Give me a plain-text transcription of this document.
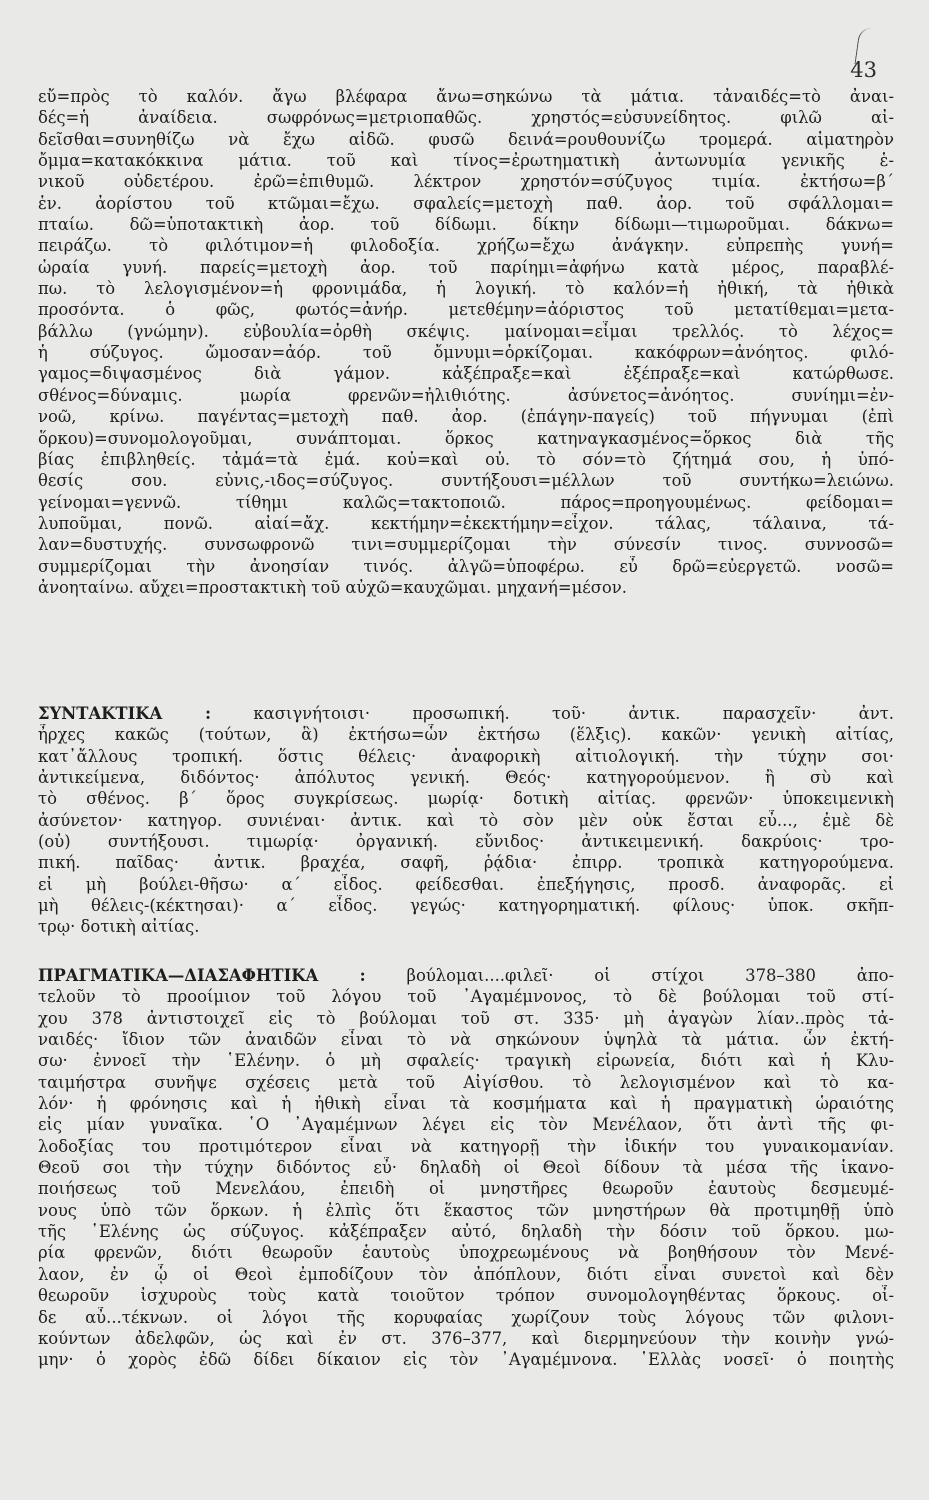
43
εὔ=πρὸς τὸ καλόν. ἄγω βλέφαρα ἄνω=σηκώνω τὰ μάτια. τἀναιδές=τὸ ἀναι-
δές=ἡ ἀναίδεια. σωφρόνως=μετριοπαθῶς. χρηστός=εὐσυνείδητος. φιλῶ αἰ-
δεῖσθαι=συνηθίζω νὰ ἔχω αἰδῶ. φυσῶ δεινά=ρουθουνίζω τρομερά. αἱματηρὸν
ὄμμα=κατακόκκινα μάτια. τοῦ καὶ τίνος=ἐρωτηματικὴ ἀντωνυμία γενικῆς ἑ-
νικοῦ οὐδετέρου. ἐρῶ=ἐπιθυμῶ. λέκτρον χρηστόν=σύζυγος τιμία. ἐκτήσω=β´
ἑν. ἀορίστου τοῦ κτῶμαι=ἔχω. σφαλείς=μετοχὴ παθ. ἀορ. τοῦ σφάλλομαι=
πταίω. δῶ=ὑποτακτικὴ ἀορ. τοῦ δίδωμι. δίκην δίδωμι—τιμωροῦμαι. δάκνω=
πειράζω. τὸ φιλότιμον=ἡ φιλοδοξία. χρήζω=ἔχω ἀνάγκην. εὐπρεπὴς γυνή=
ὡραία γυνή. παρείς=μετοχὴ ἀορ. τοῦ παρίημι=ἀφήνω κατὰ μέρος, παραβλέ-
πω. τὸ λελογισμένον=ἡ φρονιμάδα, ἡ λογική. τὸ καλόν=ἡ ἠθική, τὰ ἠθικὰ
προσόντα. ὁ φῶς, φωτός=ἀνήρ. μετεθέμην=ἀόριστος τοῦ μετατίθεμαι=μετα-
βάλλω (γνώμην). εὐβουλία=ὀρθὴ σκέψις. μαίνομαι=εἶμαι τρελλός. τὸ λέχος=
ἡ σύζυγος. ὤμοσαν=ἀόρ. τοῦ ὄμνυμι=ὁρκίζομαι. κακόφρων=ἀνόητος. φιλό-
γαμος=διψασμένος διὰ γάμον. κἀξέπραξε=καὶ ἐξέπραξε=καὶ κατώρθωσε.
σθένος=δύναμις. μωρία φρενῶν=ἠλιθιότης. ἀσύνετος=ἀνόητος. συνίημι=ἐν-
νοῶ, κρίνω. παγέντας=μετοχὴ παθ. ἀορ. (ἐπάγην-παγείς) τοῦ πήγνυμαι (ἐπὶ
ὅρκου)=συνομολογοῦμαι, συνάπτομαι. ὅρκος κατηναγκασμένος=ὅρκος διὰ τῆς
βίας ἐπιβληθείς. τἀμά=τὰ ἐμά. κοὐ=καὶ οὐ. τὸ σόν=τὸ ζήτημά σου, ἡ ὑπό-
θεσίς σου. εὐνις,-ιδος=σύζυγος. συντήξουσι=μέλλων τοῦ συντήκω=λειώνω.
γείνομαι=γεννῶ. τίθημι καλῶς=τακτοποιῶ. πάρος=προηγουμένως. φείδομαι=
λυποῦμαι, πονῶ. αἰαί=ἄχ. κεκτήμην=ἐκεκτήμην=εἶχον. τάλας, τάλαινα, τά-
λαν=δυστυχής. συνσωφρονῶ τινι=συμμερίζομαι τὴν σύνεσίν τινος. συννοσῶ=
συμμερίζομαι τὴν ἀνοησίαν τινός. ἀλγῶ=ὑποφέρω. εὖ δρῶ=εὐεργετῶ. νοσῶ=
ἀνοηταίνω. αὔχει=προστακτικὴ τοῦ αὐχῶ=καυχῶμαι. μηχανή=μέσον.
ΣΥΝΤΑΚΤΙΚΑ :	κασιγνήτοισι· προσωπική. τοῦ· ἀντικ. παρασχεῖν· ἀντ.
ἦρχες κακῶς (τούτων, ἃ) ἐκτήσω=ὧν ἐκτήσω (ἕλξις). κακῶν· γενικὴ αἰτίας,
κατ᾽ἄλλους τροπική. ὅστις θέλεις· ἀναφορικὴ αἰτιολογική. τὴν τύχην σοι·
ἀντικείμενα, διδόντος· ἀπόλυτος γενική. Θεός· κατηγορούμενον. ἢ σὺ καὶ
τὸ σθένος. β´ ὅρος συγκρίσεως. μωρίᾳ· δοτικὴ αἰτίας. φρενῶν· ὑποκειμενικὴ
ἀσύνετον· κατηγορ. συνιέναι· ἀντικ. καὶ τὸ σὸν μὲν οὐκ ἔσται εὖ..., ἐμὲ δὲ
(οὐ) συντήξουσι. τιμωρίᾳ· ὀργανική. εὔνιδος· ἀντικειμενική. δακρύοις· τρο-
πική. παῖδας· ἀντικ. βραχέα, σαφῆ, ῥᾴδια· ἐπιρρ. τροπικὰ κατηγορούμενα.
εἰ μὴ βούλει-θῆσω· α´ εἶδος. φείδεσθαι. ἐπεξήγησις, προσδ. ἀναφορᾶς. εἰ
μὴ θέλεις-(κέκτησαι)· α´ εἶδος. γεγώς· κατηγορηματική. φίλους· ὑποκ. σκῆπ-
τρῳ· δοτικὴ αἰτίας.
ΠΡΑΓΜΑΤΙΚΑ—ΔΙΑΣΑΦΗΤΙΚΑ : βούλομαι....φιλεῖ· οἱ στίχοι 378–380 ἀπο-
τελοῦν τὸ προοίμιον τοῦ λόγου τοῦ ᾽Αγαμέμνονος, τὸ δὲ βούλομαι τοῦ στί-
χου 378 ἀντιστοιχεῖ εἰς τὸ βούλομαι τοῦ στ. 335· μὴ ἀγαγὼν λίαν..πρὸς τἀ-
ναιδές· ἴδιον τῶν ἀναιδῶν εἶναι τὸ νὰ σηκώνουν ὑψηλὰ τὰ μάτια. ὧν ἐκτή-
σω· ἐννοεῖ τὴν ῾Ελένην. ὁ μὴ σφαλείς· τραγικὴ εἰρωνεία, διότι καὶ ἡ Κλυ-
ταιμήστρα συνῆψε σχέσεις μετὰ τοῦ Αἰγίσθου. τὸ λελογισμένον καὶ τὸ κα-
λόν· ἡ φρόνησις καὶ ἡ ἠθικὴ εἶναι τὰ κοσμήματα καὶ ἡ πραγματικὴ ὡραιότης
εἰς μίαν γυναῖκα. ῾Ο ᾽Αγαμέμνων λέγει εἰς τὸν Μενέλαον, ὅτι ἀντὶ τῆς φι-
λοδοξίας του προτιμότερον εἶναι νὰ κατηγορῇ τὴν ἰδικήν του γυναικομανίαν.
Θεοῦ σοι τὴν τύχην διδόντος εὖ· δηλαδὴ οἱ Θεοὶ δίδουν τὰ μέσα τῆς ἱκανο-
ποιήσεως τοῦ Μενελάου, ἐπειδὴ οἱ μνηστῆρες θεωροῦν ἑαυτοὺς δεσμευμέ-
νους ὑπὸ τῶν ὅρκων. ἡ ἐλπὶς ὅτι ἕκαστος τῶν μνηστήρων θὰ προτιμηθῇ ὑπὸ
τῆς ῾Ελένης ὡς σύζυγος. κἀξέπραξεν αὐτό, δηλαδὴ τὴν δόσιν τοῦ ὅρκου. μω-
ρία φρενῶν, διότι θεωροῦν ἑαυτοὺς ὑποχρεωμένους νὰ βοηθήσουν τὸν Μενέ-
λαον, ἐν ᾧ οἱ Θεοὶ ἐμποδίζουν τὸν ἀπόπλουν, διότι εἶναι συνετοὶ καὶ δὲν
θεωροῦν ἰσχυροὺς τοὺς κατὰ τοιοῦτον τρόπον συνομολογηθέντας ὅρκους. οἶ-
δε αὖ...τέκνων. οἱ λόγοι τῆς κορυφαίας χωρίζουν τοὺς λόγους τῶν φιλονι-
κούντων ἀδελφῶν, ὡς καὶ ἐν στ. 376–377, καὶ διερμηνεύουν τὴν κοινὴν γνώ-
μην· ὁ χορὸς ἐδῶ δίδει δίκαιον εἰς τὸν ᾽Αγαμέμνονα. ῾Ελλὰς νοσεῖ· ὁ ποιητὴς
